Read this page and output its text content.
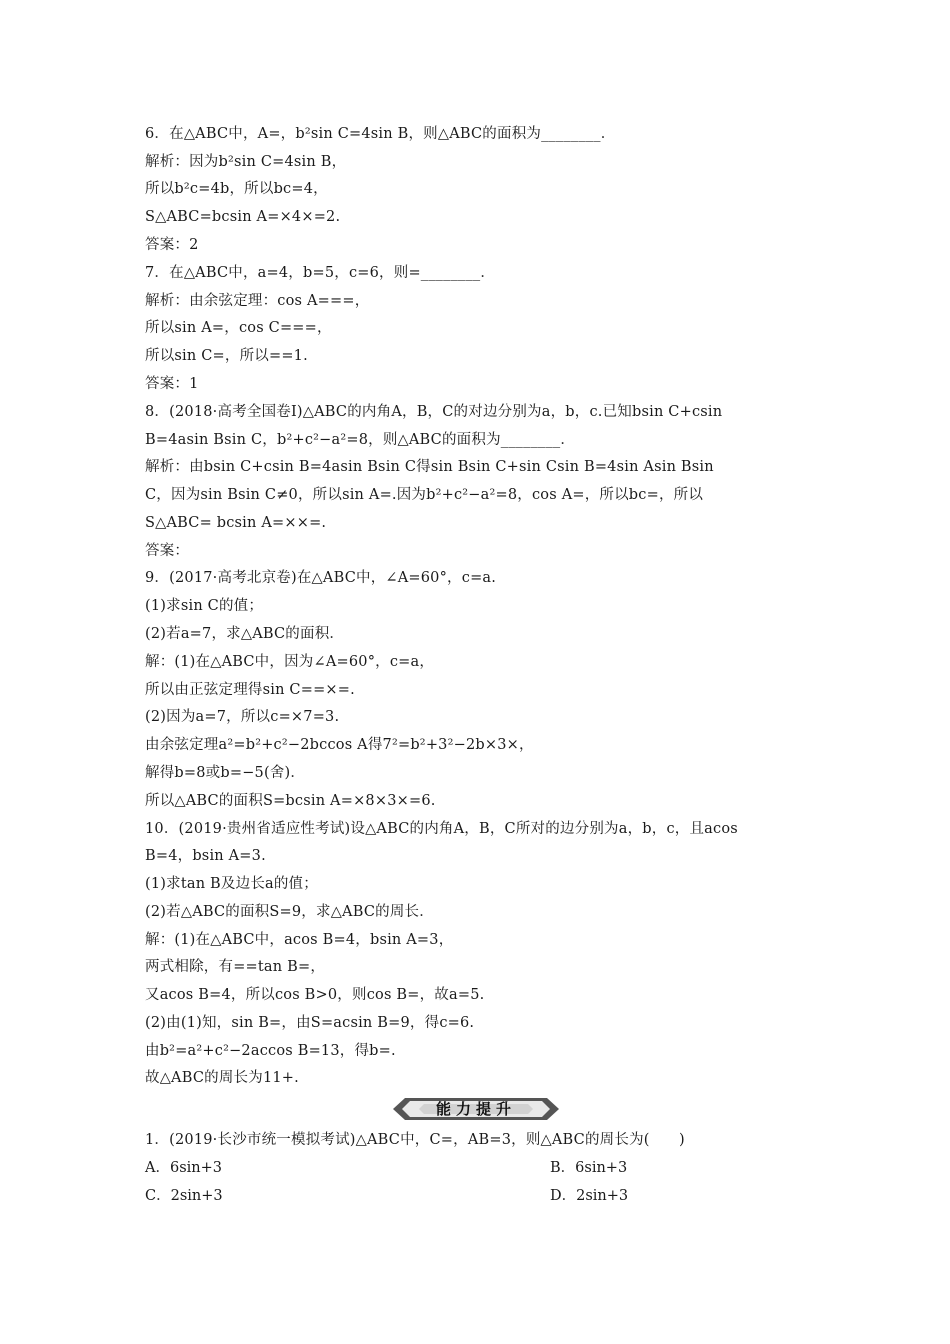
6．在△ABC中，A=，b²sin C=4sin B，则△ABC的面积为________．
解析：因为b²sin C=4sin B，
所以b²c=4b，所以bc=4，
S△ABC=bcsin A=×4×=2.
答案：2
7．在△ABC中，a=4，b=5，c=6，则=________．
解析：由余弦定理：cos A===，
所以sin A=，cos C===，
所以sin C=，所以==1.
答案：1
8．(2018·高考全国卷Ⅰ)△ABC的内角A，B，C的对边分别为a，b，c.已知bsin C+csin
B=4asin Bsin C，b²+c²−a²=8，则△ABC的面积为________．
解析：由bsin C+csin B=4asin Bsin C得sin Bsin C+sin Csin B=4sin Asin Bsin
C，因为sin Bsin C≠0，所以sin A=.因为b²+c²−a²=8，cos A=，所以bc=，所以
S△ABC= bcsin A=××=.
答案：
9．(2017·高考北京卷)在△ABC中，∠A=60°，c=a.
(1)求sin C的值；
(2)若a=7，求△ABC的面积．
解：(1)在△ABC中，因为∠A=60°，c=a，
所以由正弦定理得sin C==×=.
(2)因为a=7，所以c=×7=3.
由余弦定理a²=b²+c²−2bccos A得7²=b²+3²−2b×3×，
解得b=8或b=−5(舍)．
所以△ABC的面积S=bcsin A=×8×3×=6.
10．(2019·贵州省适应性考试)设△ABC的内角A，B，C所对的边分别为a，b，c，且acos
B=4，bsin A=3.
(1)求tan B及边长a的值；
(2)若△ABC的面积S=9，求△ABC的周长．
解：(1)在△ABC中，acos B=4，bsin A=3，
两式相除，有==tan B=，
又acos B=4，所以cos B>0，则cos B=，故a=5.
(2)由(1)知，sin B=，由S=acsin B=9，得c=6.
由b²=a²+c²−2accos B=13，得b=.
故△ABC的周长为11+.
能力提升
1．(2019·长沙市统一模拟考试)△ABC中，C=，AB=3，则△ABC的周长为(　　)
A．6sin+3	B．6sin+3
C．2sin+3	D．2sin+3
